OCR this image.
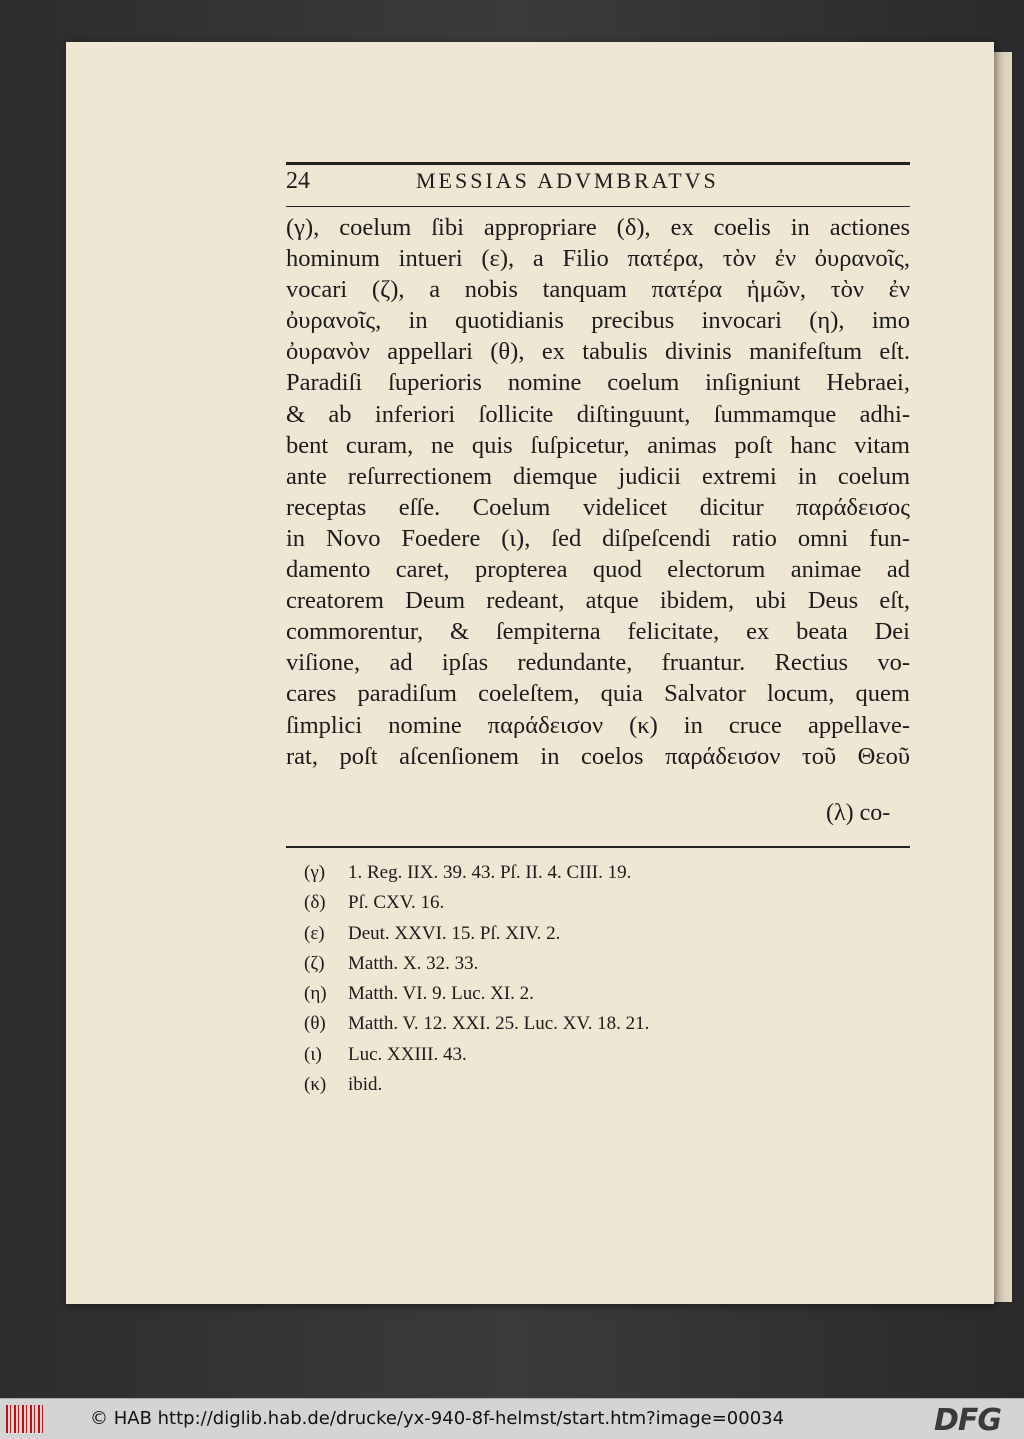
24	MESSIAS ADVMBRATVS
(γ), coelum ſibi appropriare (δ), ex coelis in actiones
hominum intueri (ε), a Filio πατέρα, τὸν ἐν ὀυρανοῖς,
vocari (ζ), a nobis tanquam πατέρα ἡμῶν, τὸν ἐν
ὀυρανοῖς, in quotidianis precibus invocari (η), imo
ὀυρανὸν appellari (θ), ex tabulis divinis manifeſtum eſt.
Paradiſi ſuperioris nomine coelum inſigniunt Hebraei,
& ab inferiori ſollicite diſtinguunt, ſummamque adhi-
bent curam, ne quis ſuſpicetur, animas poſt hanc vitam
ante reſurrectionem diemque judicii extremi in coelum
receptas eſſe. Coelum videlicet dicitur παράδεισος
in Novo Foedere (ι), ſed diſpeſcendi ratio omni fun-
damento caret, propterea quod electorum animae ad
creatorem Deum redeant, atque ibidem, ubi Deus eſt,
commorentur, & ſempiterna felicitate, ex beata Dei
viſione, ad ipſas redundante, fruantur. Rectius vo-
cares paradiſum coeleſtem, quia Salvator locum, quem
ſimplici nomine παράδεισον (κ) in cruce appellave-
rat, poſt aſcenſionem in coelos παράδεισον τοῦ Θεοῦ
(λ) co-
(γ) 1. Reg. IIX. 39. 43. Pſ. II. 4. CIII. 19.
(δ) Pſ. CXV. 16.
(ε) Deut. XXVI. 15. Pſ. XIV. 2.
(ζ) Matth. X. 32. 33.
(η) Matth. VI. 9. Luc. XI. 2.
(θ) Matth. V. 12. XXI. 25. Luc. XV. 18. 21.
(ι) Luc. XXIII. 43.
(κ) ibid.
© HAB http://diglib.hab.de/drucke/yx-940-8f-helmst/start.htm?image=00034	DFG
